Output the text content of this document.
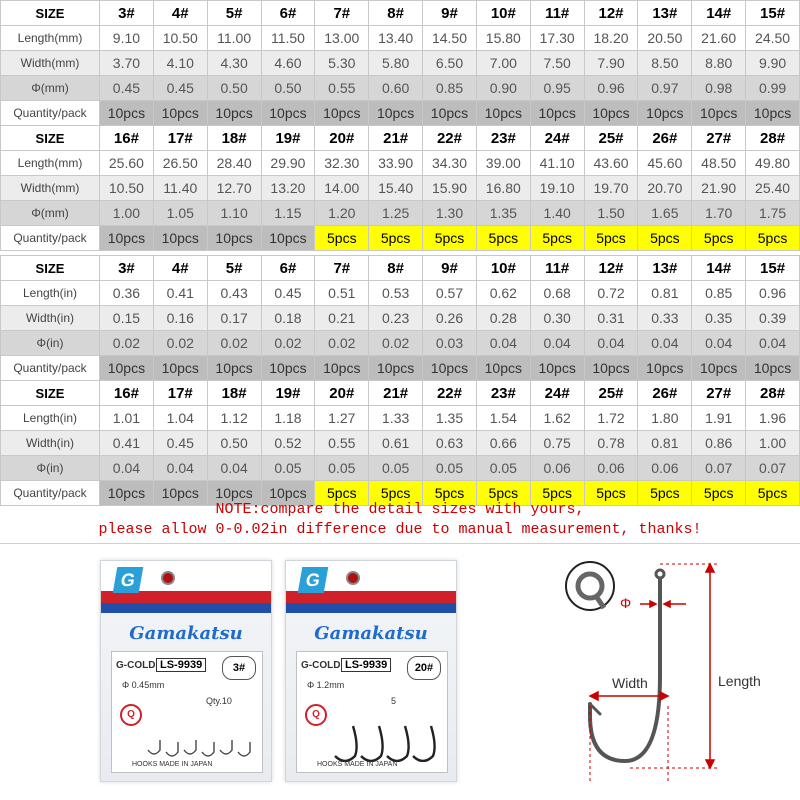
SIZE	3#	4#	5#	6#	7#	8#	9#	10#	11#	12#	13#	14#	15#
Length(mm)	9.10	10.50	11.00	11.50	13.00	13.40	14.50	15.80	17.30	18.20	20.50	21.60	24.50
Width(mm)	3.70	4.10	4.30	4.60	5.30	5.80	6.50	7.00	7.50	7.90	8.50	8.80	9.90
Φ(mm)	0.45	0.45	0.50	0.50	0.55	0.60	0.85	0.90	0.95	0.96	0.97	0.98	0.99
Quantity/pack	10pcs	10pcs	10pcs	10pcs	10pcs	10pcs	10pcs	10pcs	10pcs	10pcs	10pcs	10pcs	10pcs
SIZE	16#	17#	18#	19#	20#	21#	22#	23#	24#	25#	26#	27#	28#
Length(mm)	25.60	26.50	28.40	29.90	32.30	33.90	34.30	39.00	41.10	43.60	45.60	48.50	49.80
Width(mm)	10.50	11.40	12.70	13.20	14.00	15.40	15.90	16.80	19.10	19.70	20.70	21.90	25.40
Φ(mm)	1.00	1.05	1.10	1.15	1.20	1.25	1.30	1.35	1.40	1.50	1.65	1.70	1.75
Quantity/pack	10pcs	10pcs	10pcs	10pcs	5pcs	5pcs	5pcs	5pcs	5pcs	5pcs	5pcs	5pcs	5pcs
SIZE	3#	4#	5#	6#	7#	8#	9#	10#	11#	12#	13#	14#	15#
Length(in)	0.36	0.41	0.43	0.45	0.51	0.53	0.57	0.62	0.68	0.72	0.81	0.85	0.96
Width(in)	0.15	0.16	0.17	0.18	0.21	0.23	0.26	0.28	0.30	0.31	0.33	0.35	0.39
Φ(in)	0.02	0.02	0.02	0.02	0.02	0.02	0.03	0.04	0.04	0.04	0.04	0.04	0.04
Quantity/pack	10pcs	10pcs	10pcs	10pcs	10pcs	10pcs	10pcs	10pcs	10pcs	10pcs	10pcs	10pcs	10pcs
SIZE	16#	17#	18#	19#	20#	21#	22#	23#	24#	25#	26#	27#	28#
Length(in)	1.01	1.04	1.12	1.18	1.27	1.33	1.35	1.54	1.62	1.72	1.80	1.91	1.96
Width(in)	0.41	0.45	0.50	0.52	0.55	0.61	0.63	0.66	0.75	0.78	0.81	0.86	1.00
Φ(in)	0.04	0.04	0.04	0.05	0.05	0.05	0.05	0.05	0.06	0.06	0.06	0.07	0.07
Quantity/pack	10pcs	10pcs	10pcs	10pcs	5pcs	5pcs	5pcs	5pcs	5pcs	5pcs	5pcs	5pcs	5pcs
NOTE:compare the detail sizes with yours,
please allow 0-0.02in difference due to manual measurement, thanks!
G
Gamakatsu
G-COLD LS-9939	3#
Φ 0.45mm
Qty.10
Q
HOOKS MADE IN JAPAN
G
Gamakatsu
G-COLD LS-9939	20#
Φ 1.2mm
5
Q
HOOKS MADE IN JAPAN
Φ
Width	Length
